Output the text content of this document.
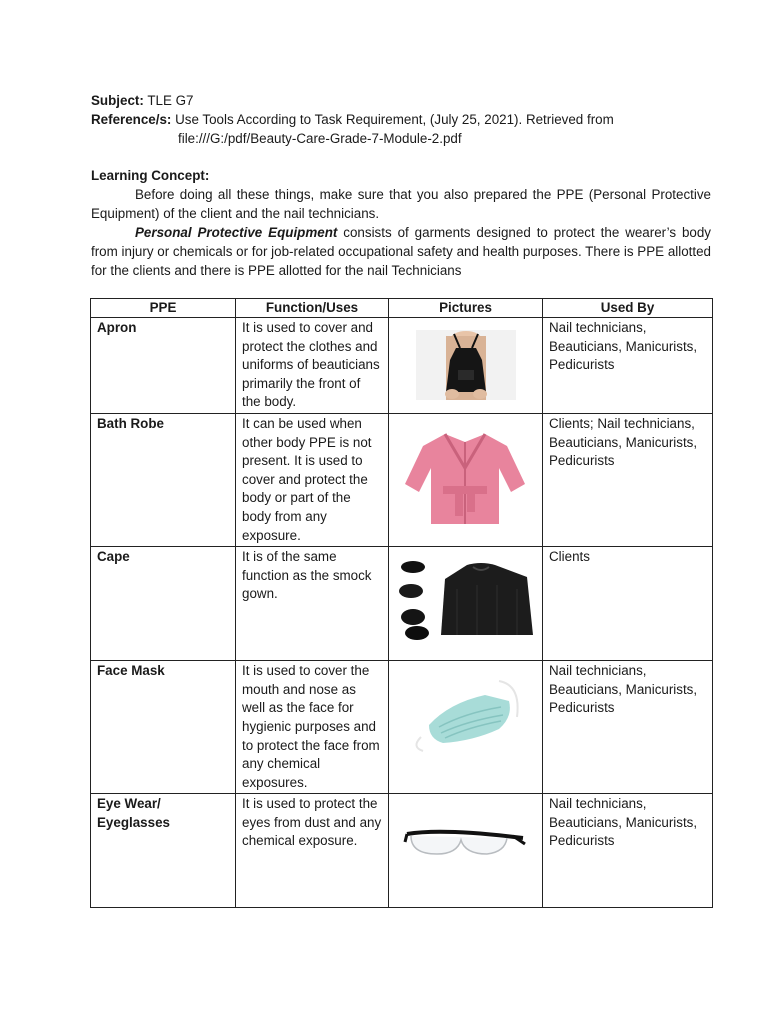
Subject: TLE G7
Reference/s: Use Tools According to Task Requirement, (July 25, 2021). Retrieved from
file:///G:/pdf/Beauty-Care-Grade-7-Module-2.pdf
Learning Concept:
Before doing all these things, make sure that you also prepared the PPE (Personal Protective Equipment) of the client and the nail technicians.
Personal Protective Equipment consists of garments designed to protect the wearer’s body from injury or chemicals or for job-related occupational safety and health purposes. There is PPE allotted for the clients and there is PPE allotted for the nail Technicians
PPE	Function/Uses	Pictures	Used By
Apron	It is used to cover and protect the clothes and uniforms of beauticians primarily the front of the body.		Nail technicians, Beauticians, Manicurists, Pedicurists
Bath Robe	It can be used when other body PPE is not present. It is used to cover and protect the body or part of the body from any exposure.		Clients; Nail technicians, Beauticians, Manicurists, Pedicurists
Cape	It is of the same function as the smock gown.		Clients
Face Mask	It is used to cover the mouth and nose as well as the face for hygienic purposes and to protect the face from any chemical exposures.		Nail technicians, Beauticians, Manicurists, Pedicurists
Eye Wear/ Eyeglasses	It is used to protect the eyes from dust and any chemical exposure.		Nail technicians, Beauticians, Manicurists, Pedicurists
